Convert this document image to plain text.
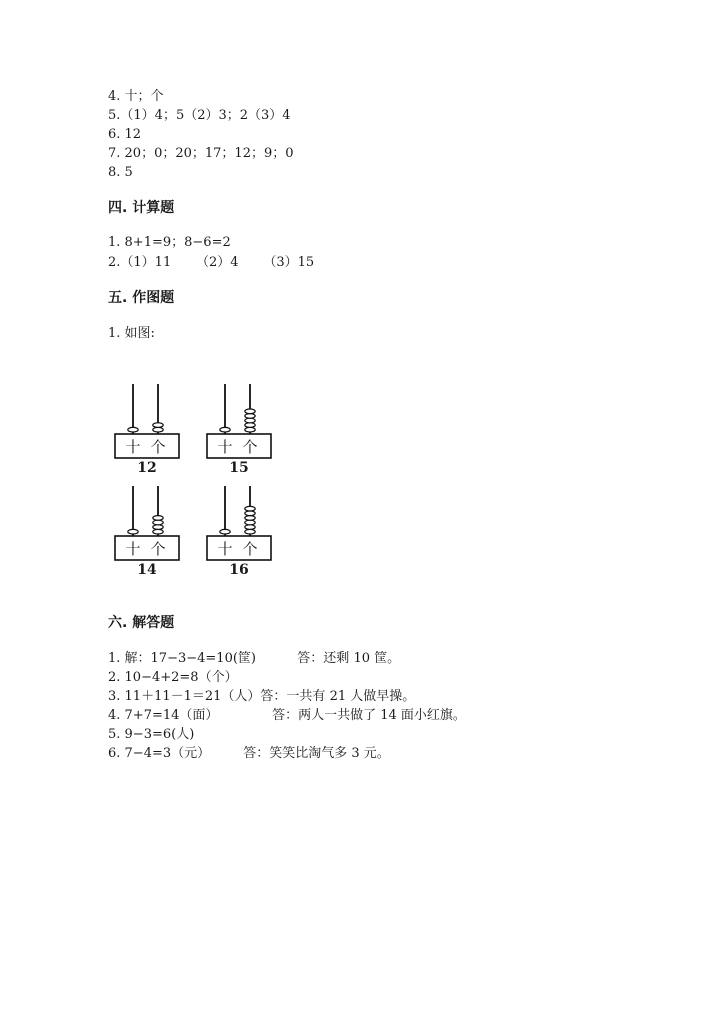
4. 十；个
5.（1）4；5（2）3；2（3）4
6. 12
7. 20；0；20；17；12；9；0
8. 5
四. 计算题
1. 8+1=9；8−6=2
2.（1）11      （2）4      （3）15
五. 作图题
1. 如图:
十 个
12
十 个
15
十 个
14
十 个
16
六. 解答题
1. 解：17−3−4=10(筐)          答：还剩 10 筐。
2. 10−4+2=8（个）
3. 11＋11－1＝21（人）答：一共有 21 人做早操。
4. 7+7=14（面）             答：两人一共做了 14 面小红旗。
5. 9−3=6(人)
6. 7−4=3（元）        答：笑笑比淘气多 3 元。
